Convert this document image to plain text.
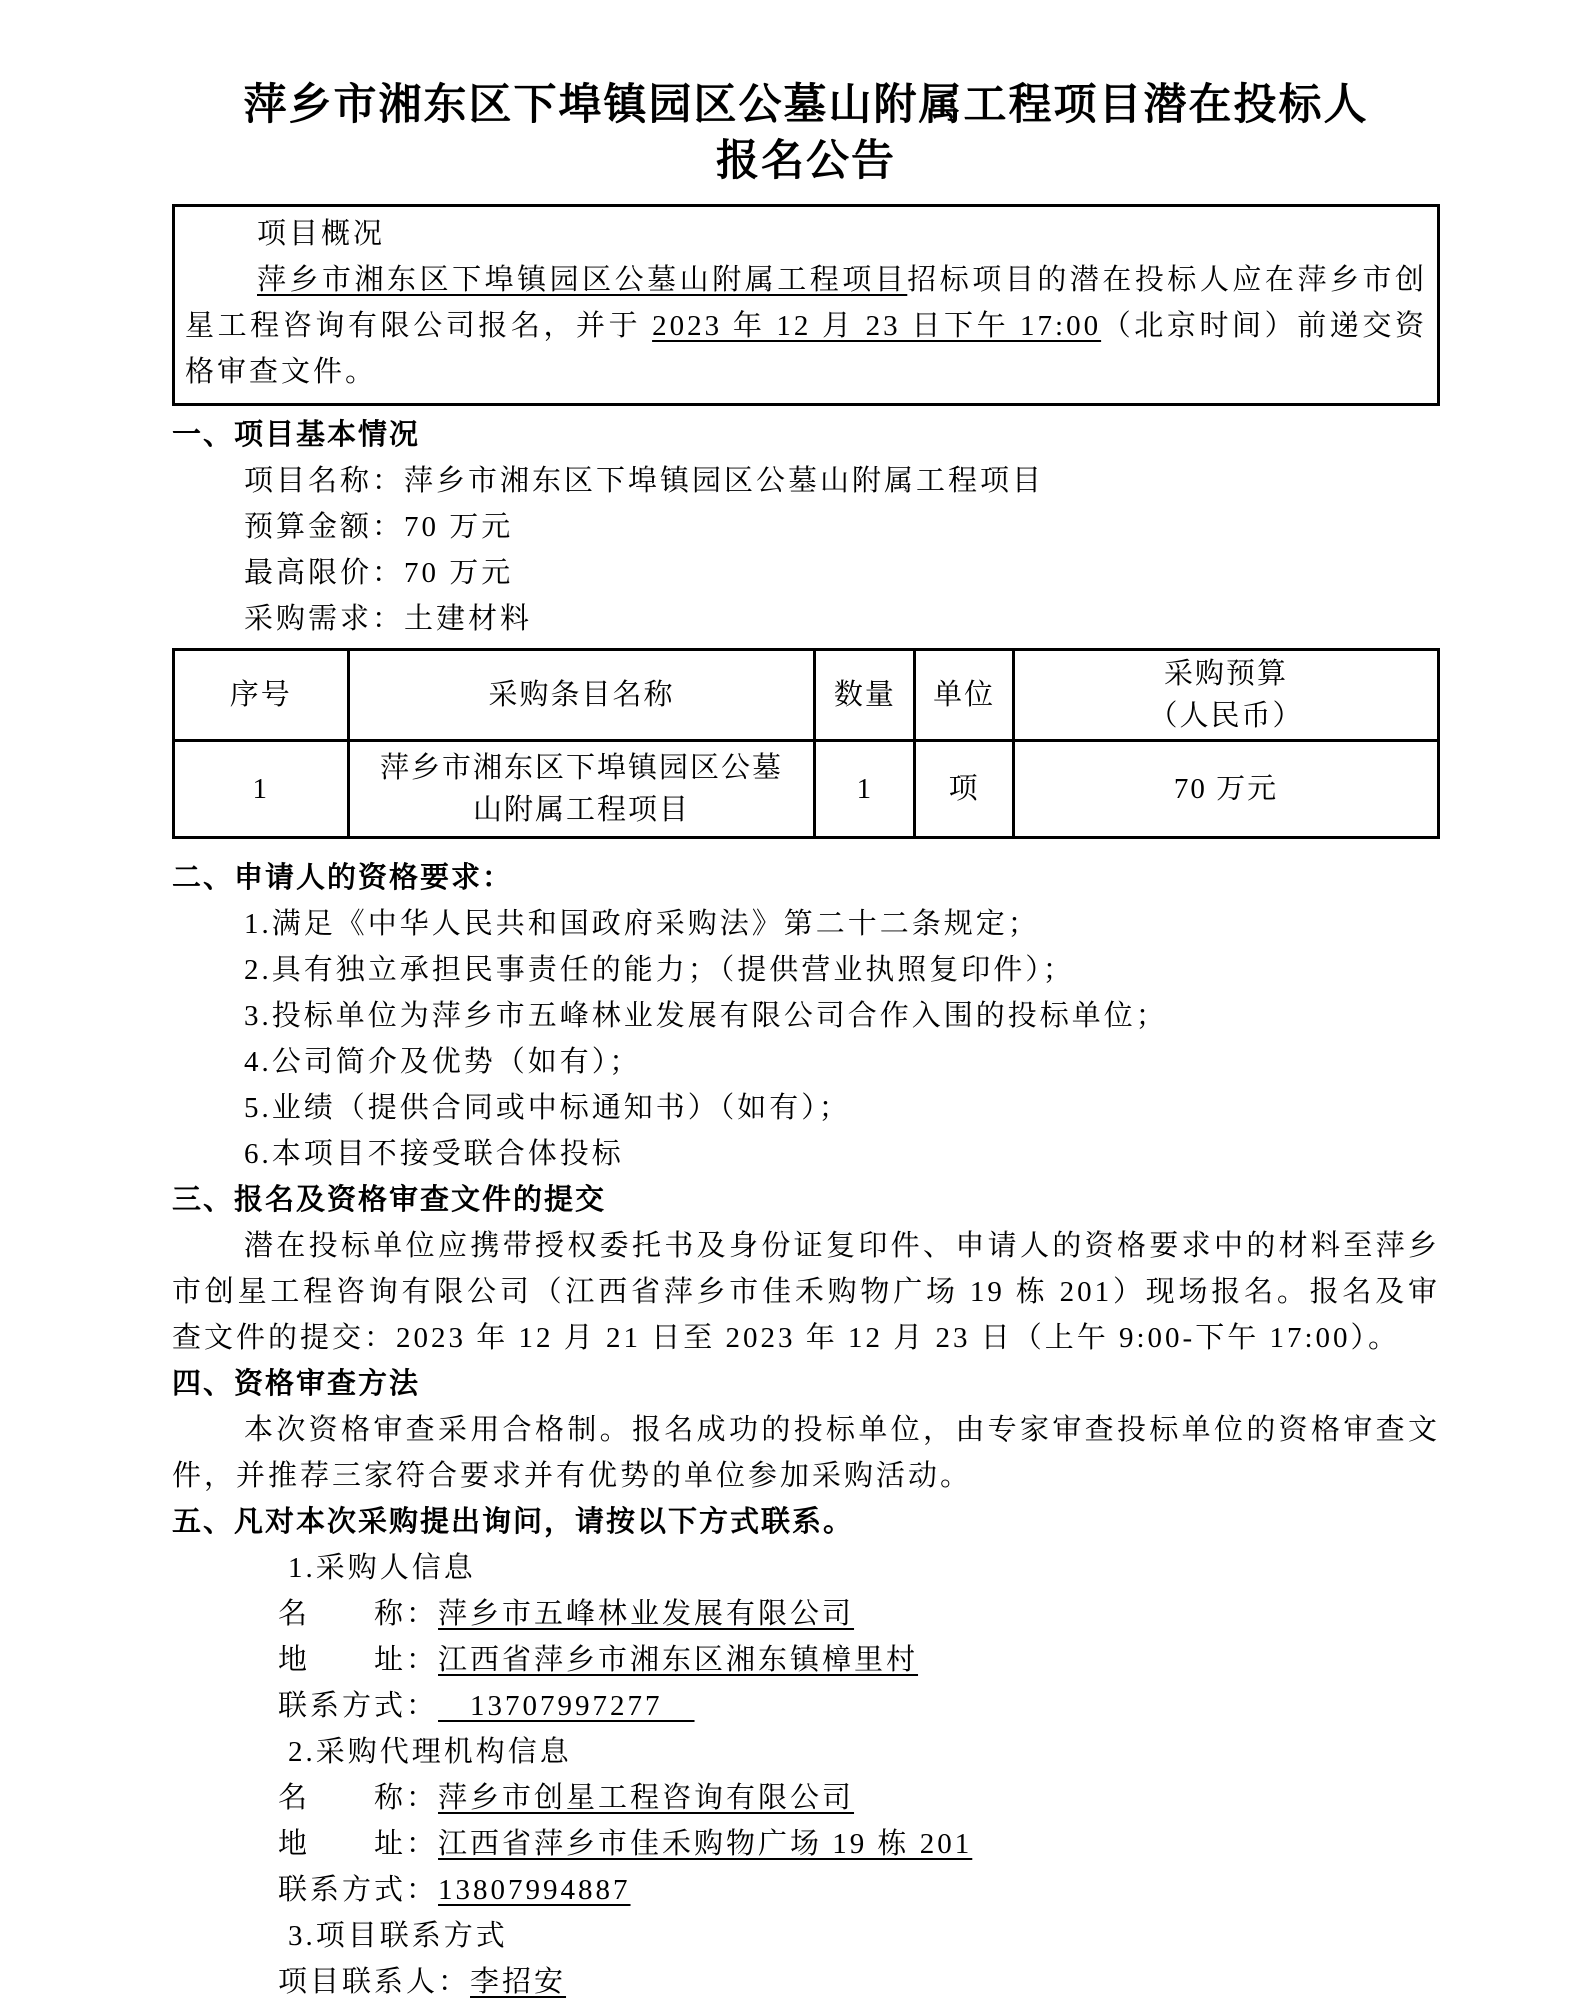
萍乡市湘东区下埠镇园区公墓山附属工程项目潜在投标人
报名公告
项目概况
萍乡市湘东区下埠镇园区公墓山附属工程项目招标项目的潜在投标人应在萍乡市创星工程咨询有限公司报名，并于 2023 年 12 月 23 日下午 17:00（北京时间）前递交资格审查文件。
一、项目基本情况
项目名称：萍乡市湘东区下埠镇园区公墓山附属工程项目
预算金额：70 万元
最高限价：70 万元
采购需求：土建材料
序号	采购条目名称	数量	单位	采购预算
（人民币）
1	萍乡市湘东区下埠镇园区公墓
山附属工程项目	1	项	70 万元
二、申请人的资格要求：
1.满足《中华人民共和国政府采购法》第二十二条规定；
2.具有独立承担民事责任的能力；（提供营业执照复印件）；
3.投标单位为萍乡市五峰林业发展有限公司合作入围的投标单位；
4.公司简介及优势（如有）；
5.业绩（提供合同或中标通知书）（如有）；
6.本项目不接受联合体投标
三、报名及资格审查文件的提交
潜在投标单位应携带授权委托书及身份证复印件、申请人的资格要求中的材料至萍乡市创星工程咨询有限公司（江西省萍乡市佳禾购物广场 19 栋 201）现场报名。报名及审查文件的提交：2023 年 12 月 21 日至 2023 年 12 月 23 日（上午 9:00-下午 17:00）。
四、资格审查方法
本次资格审查采用合格制。报名成功的投标单位，由专家审查投标单位的资格审查文件，并推荐三家符合要求并有优势的单位参加采购活动。
五、凡对本次采购提出询问，请按以下方式联系。
1.采购人信息
名　　称：萍乡市五峰林业发展有限公司
地　　址：江西省萍乡市湘东区湘东镇樟里村
联系方式：　13707997277　
2.采购代理机构信息
名　　称：萍乡市创星工程咨询有限公司
地　　址：江西省萍乡市佳禾购物广场 19 栋 201
联系方式：13807994887
3.项目联系方式
项目联系人：李招安
